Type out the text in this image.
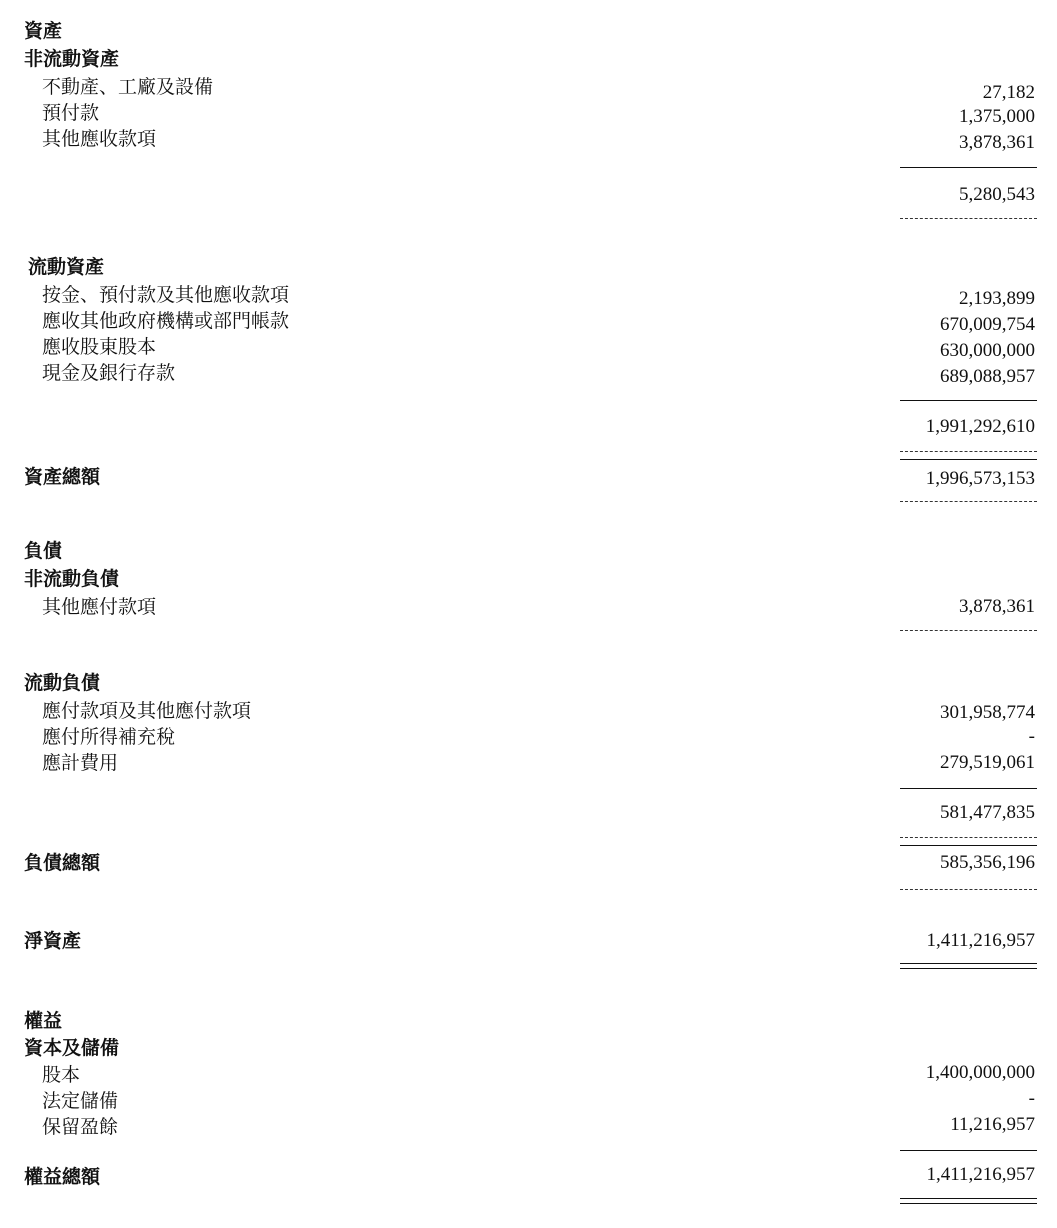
資產
非流動資產
不動產、工廠及設備	27,182
預付款	1,375,000
其他應收款項	3,878,361
5,280,543
流動資產
按金、預付款及其他應收款項	2,193,899
應收其他政府機構或部門帳款	670,009,754
應收股東股本	630,000,000
現金及銀行存款	689,088,957
1,991,292,610
資產總額	1,996,573,153
負債
非流動負債
其他應付款項	3,878,361
流動負債
應付款項及其他應付款項	301,958,774
應付所得補充稅	-
應計費用	279,519,061
581,477,835
負債總額	585,356,196
淨資產	1,411,216,957
權益
資本及儲備
股本	1,400,000,000
法定儲備	-
保留盈餘	11,216,957
權益總額	1,411,216,957
